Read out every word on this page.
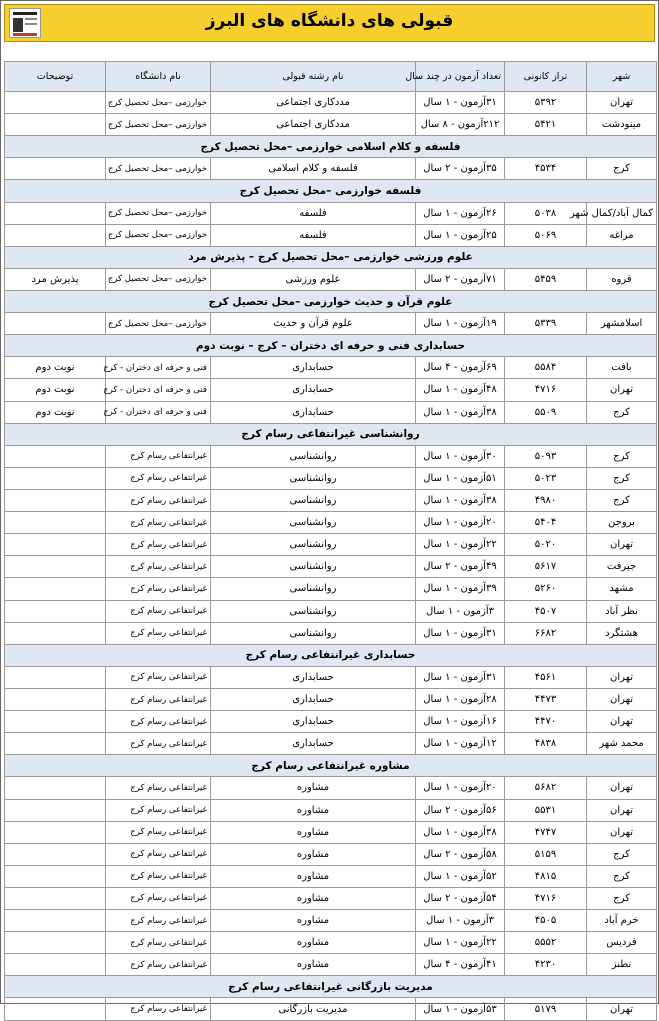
قبولی های دانشگاه های البرز
شهر	تراز کانونی	تعداد آزمون در چند سال	نام رشته قبولی	نام دانشگاه	توضیحات
تهران	۵۳۹۲	۳۱آزمون - ۱ سال	مددکاری اجتماعی	خوارزمی –محل تحصیل کرج	
مینودشت	۵۴۲۱	۲۱۲آزمون - ۸ سال	مددکاری اجتماعی	خوارزمی –محل تحصیل کرج	
فلسفه و کلام اسلامی خوارزمی –محل تحصیل کرج					
کرج	۴۵۳۴	۳۵آزمون - ۲ سال	فلسفه و کلام اسلامی	خوارزمی –محل تحصیل کرج	
فلسفه خوارزمی –محل تحصیل کرج					
کمال آباد/کمال شهر	۵۰۳۸	۲۶آزمون - ۱ سال	فلسفه	خوارزمی –محل تحصیل کرج	
مراغه	۵۰۶۹	۲۵آزمون - ۱ سال	فلسفه	خوارزمی –محل تحصیل کرج	
علوم ورزشی خوارزمی –محل تحصیل کرج – پذیرش مرد					
قروه	۵۴۵۹	۷۱آزمون - ۲ سال	علوم ورزشی	خوارزمی –محل تحصیل کرج	پذیرش مرد
علوم قرآن و حدیث خوارزمی –محل تحصیل کرج					
اسلامشهر	۵۳۳۹	۱۹آزمون - ۱ سال	علوم قرآن و حدیث	خوارزمی –محل تحصیل کرج	
حسابداری فنی و حرفه ای دختران – کرج – نوبت دوم					
بافت	۵۵۸۴	۶۹آزمون - ۴ سال	حسابداری	فنی و حرفه ای دختران - کرج	نوبت دوم
تهران	۴۷۱۶	۴۸آزمون - ۱ سال	حسابداری	فنی و حرفه ای دختران - کرج	نوبت دوم
کرج	۵۵۰۹	۳۸آزمون - ۱ سال	حسابداری	فنی و حرفه ای دختران - کرج	نوبت دوم
روانشناسی غیرانتفاعی رسام کرج					
کرج	۵۰۹۳	۳۰آزمون - ۱ سال	روانشناسی	غیرانتفاعی رسام کرج	
کرج	۵۰۲۳	۵۱آزمون - ۱ سال	روانشناسی	غیرانتفاعی رسام کرج	
کرج	۴۹۸۰	۳۸آزمون - ۱ سال	روانشناسی	غیرانتفاعی رسام کرج	
بروجن	۵۴۰۴	۲۰آزمون - ۱ سال	روانشناسی	غیرانتفاعی رسام کرج	
تهران	۵۰۲۰	۲۲آزمون - ۱ سال	روانشناسی	غیرانتفاعی رسام کرج	
جیرفت	۵۶۱۷	۴۹آزمون - ۲ سال	روانشناسی	غیرانتفاعی رسام کرج	
مشهد	۵۲۶۰	۳۹آزمون - ۱ سال	روانشناسی	غیرانتفاعی رسام کرج	
نظر آباد	۴۵۰۷	۳آزمون - ۱ سال	روانشناسی	غیرانتفاعی رسام کرج	
هشتگرد	۶۶۸۲	۳۱آزمون - ۱ سال	روانشناسی	غیرانتفاعی رسام کرج	
حسابداری غیرانتفاعی رسام کرج					
تهران	۴۵۶۱	۳۱آزمون - ۱ سال	حسابداری	غیرانتفاعی رسام کرج	
تهران	۴۴۷۳	۲۸آزمون - ۱ سال	حسابداری	غیرانتفاعی رسام کرج	
تهران	۴۴۷۰	۱۶آزمون - ۱ سال	حسابداری	غیرانتفاعی رسام کرج	
محمد شهر	۴۸۳۸	۱۲آزمون - ۱ سال	حسابداری	غیرانتفاعی رسام کرج	
مشاوره غیرانتفاعی رسام کرج					
تهران	۵۶۸۲	۲۰آزمون - ۱ سال	مشاوره	غیرانتفاعی رسام کرج	
تهران	۵۵۳۱	۵۶آزمون - ۲ سال	مشاوره	غیرانتفاعی رسام کرج	
تهران	۴۷۴۷	۳۸آزمون - ۱ سال	مشاوره	غیرانتفاعی رسام کرج	
کرج	۵۱۵۹	۵۸آزمون - ۲ سال	مشاوره	غیرانتفاعی رسام کرج	
کرج	۴۸۱۵	۵۲آزمون - ۱ سال	مشاوره	غیرانتفاعی رسام کرج	
کرج	۴۷۱۶	۵۴آزمون - ۲ سال	مشاوره	غیرانتفاعی رسام کرج	
خرم آباد	۴۵۰۵	۳آزمون - ۱ سال	مشاوره	غیرانتفاعی رسام کرج	
فردیس	۵۵۵۲	۲۲آزمون - ۱ سال	مشاوره	غیرانتفاعی رسام کرج	
نطنز	۴۲۳۰	۴۱آزمون - ۴ سال	مشاوره	غیرانتفاعی رسام کرج	
مدیریت بازرگانی غیرانتفاعی رسام کرج					
تهران	۵۱۷۹	۵۳آزمون - ۱ سال	مدیریت بازرگانی	غیرانتفاعی رسام کرج	
